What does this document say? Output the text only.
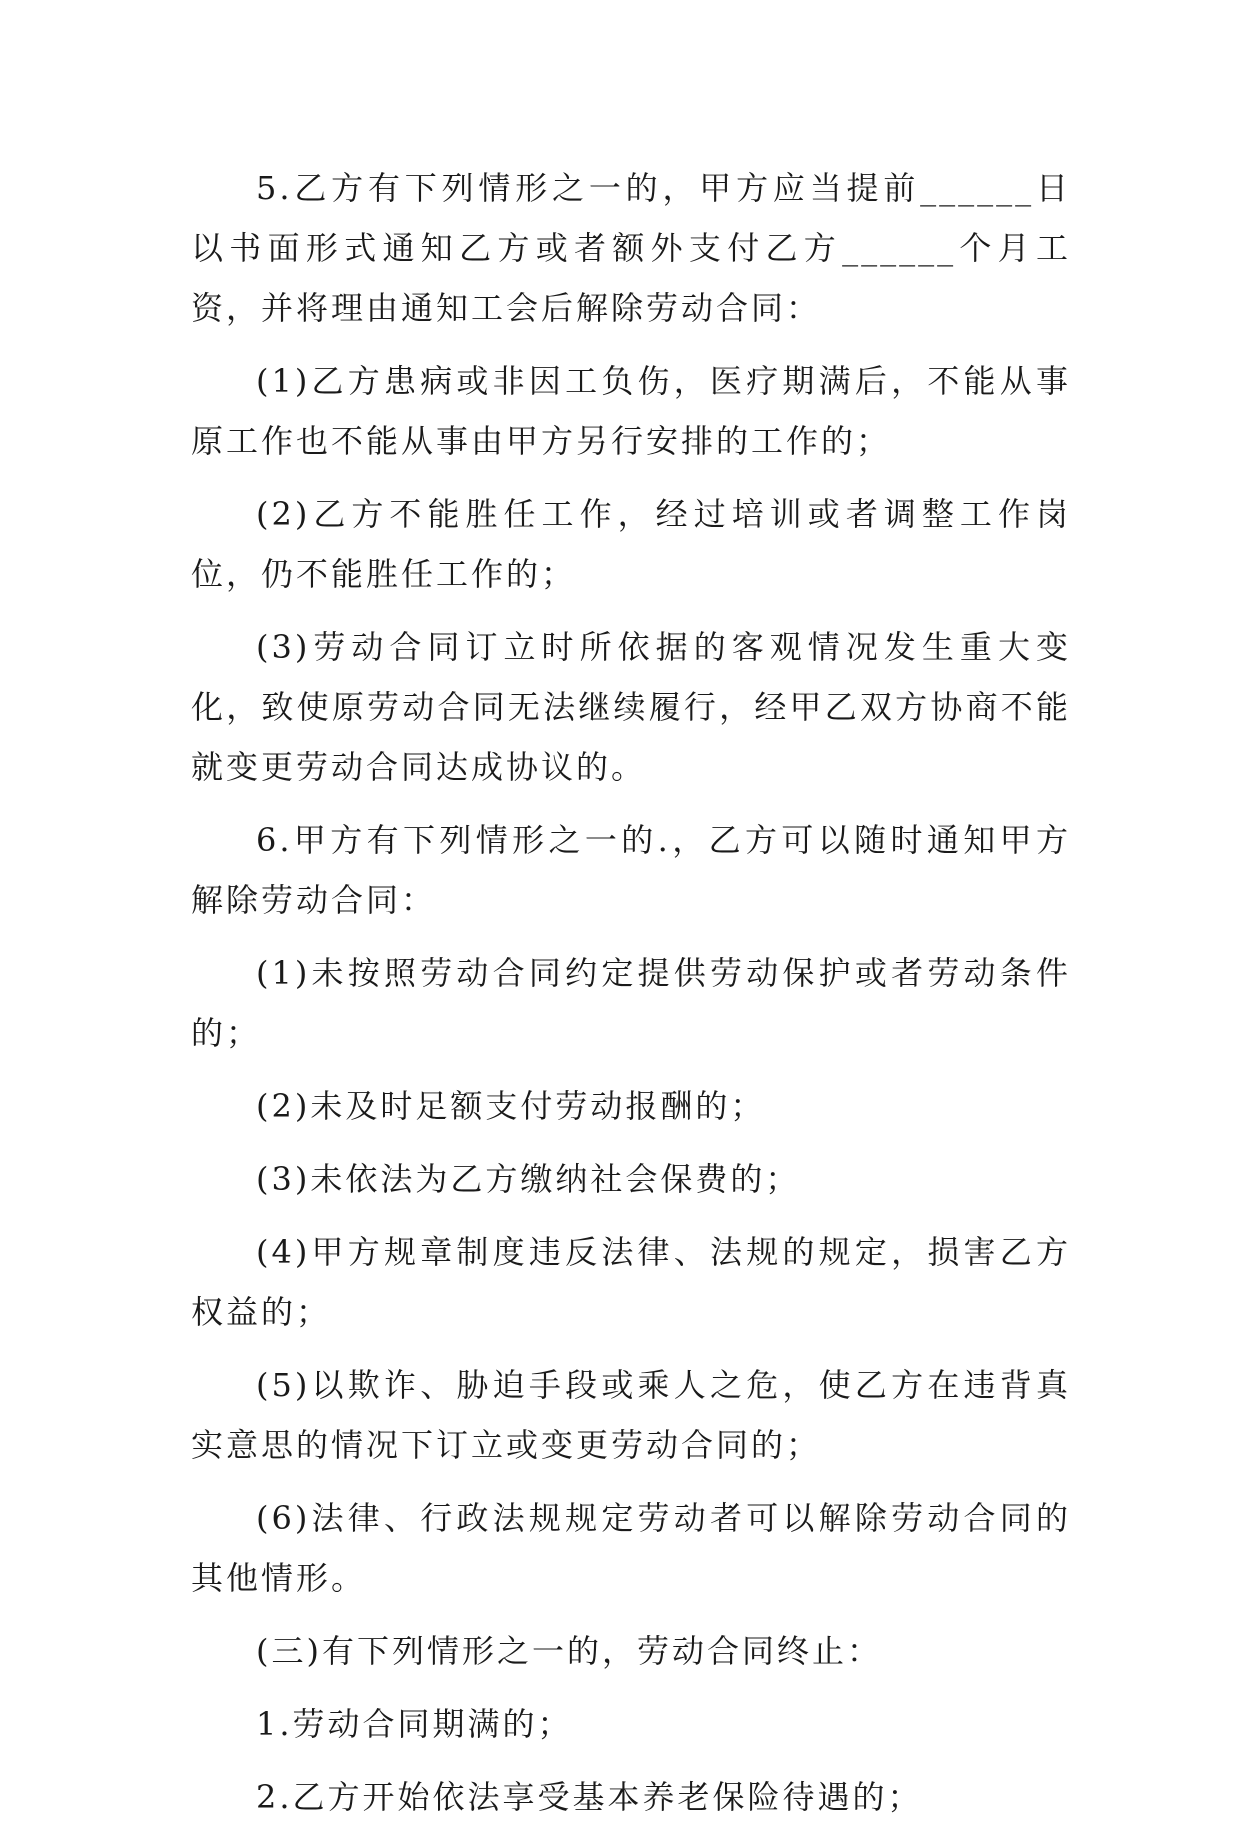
5.乙方有下列情形之一的，甲方应当提前______日以书面形式通知乙方或者额外支付乙方______个月工资，并将理由通知工会后解除劳动合同：

(1)乙方患病或非因工负伤，医疗期满后，不能从事原工作也不能从事由甲方另行安排的工作的；

(2)乙方不能胜任工作，经过培训或者调整工作岗位，仍不能胜任工作的；

(3)劳动合同订立时所依据的客观情况发生重大变化，致使原劳动合同无法继续履行，经甲乙双方协商不能就变更劳动合同达成协议的。

6.甲方有下列情形之一的.，乙方可以随时通知甲方解除劳动合同：

(1)未按照劳动合同约定提供劳动保护或者劳动条件的；

(2)未及时足额支付劳动报酬的；

(3)未依法为乙方缴纳社会保费的；

(4)甲方规章制度违反法律、法规的规定，损害乙方权益的；

(5)以欺诈、胁迫手段或乘人之危，使乙方在违背真实意思的情况下订立或变更劳动合同的；

(6)法律、行政法规规定劳动者可以解除劳动合同的其他情形。

(三)有下列情形之一的，劳动合同终止：

1.劳动合同期满的；

2.乙方开始依法享受基本养老保险待遇的；
